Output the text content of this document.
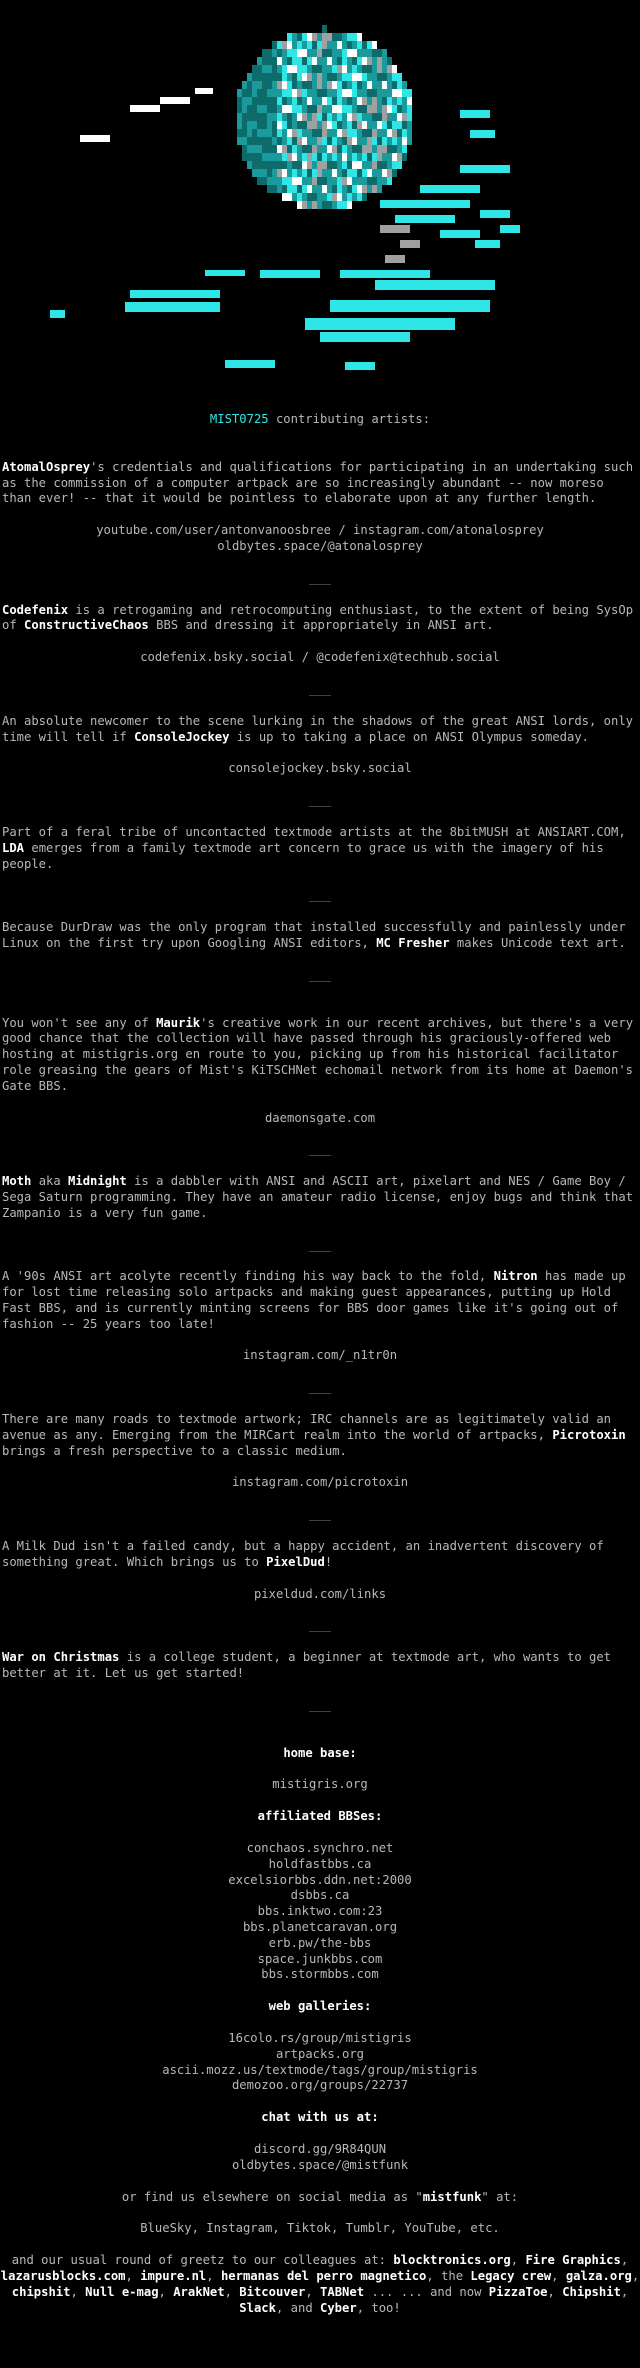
MIST0725 contributing artists:

AtomalOsprey's credentials and qualifications for participating in an undertaking such as the commission of a computer artpack are so increasingly abundant -- now moreso than ever! -- that it would be pointless to elaborate upon at any further length.

youtube.com/user/antonvanoosbree / instagram.com/atonalosprey

oldbytes.space/@atonalosprey

___

Codefenix is a retrogaming and retrocomputing enthusiast, to the extent of being SysOp of ConstructiveChaos BBS and dressing it appropriately in ANSI art.

codefenix.bsky.social / @codefenix@techhub.social

___

An absolute newcomer to the scene lurking in the shadows of the great ANSI lords, only time will tell if ConsoleJockey is up to taking a place on ANSI Olympus someday.

consolejockey.bsky.social

___

Part of a feral tribe of uncontacted textmode artists at the 8bitMUSH at ANSIART.COM, LDA emerges from a family textmode art concern to grace us with the imagery of his people.

___

Because DurDraw was the only program that installed successfully and painlessly under Linux on the first try upon Googling ANSI editors, MC Fresher makes Unicode text art.

___

You won't see any of Maurik's creative work in our recent archives, but there's a very good chance that the collection will have passed through his graciously-offered web hosting at mistigris.org en route to you, picking up from his historical facilitator role greasing the gears of Mist's KiTSCHNet echomail network from its home at Daemon's Gate BBS.

daemonsgate.com

___

Moth aka Midnight is a dabbler with ANSI and ASCII art, pixelart and NES / Game Boy / Sega Saturn programming. They have an amateur radio license, enjoy bugs and think that Zampanio is a very fun game.

___

A '90s ANSI art acolyte recently finding his way back to the fold, Nitron has made up for lost time releasing solo artpacks and making guest appearances, putting up Hold Fast BBS, and is currently minting screens for BBS door games like it's going out of fashion -- 25 years too late!

instagram.com/_n1tr0n

___

There are many roads to textmode artwork; IRC channels are as legitimately valid an avenue as any. Emerging from the MIRCart realm into the world of artpacks, Picrotoxin brings a fresh perspective to a classic medium.

instagram.com/picrotoxin

___

A Milk Dud isn't a failed candy, but a happy accident, an inadvertent discovery of something great. Which brings us to PixelDud!

pixeldud.com/links

___

War on Christmas is a college student, a beginner at textmode art, who wants to get better at it. Let us get started!

___

home base:

mistigris.org

affiliated BBSes:

conchaos.synchro.net

holdfastbbs.ca

excelsiorbbs.ddn.net:2000

dsbbs.ca

bbs.inktwo.com:23

bbs.planetcaravan.org

erb.pw/the-bbs

space.junkbbs.com

bbs.stormbbs.com

web galleries:

16colo.rs/group/mistigris

artpacks.org

ascii.mozz.us/textmode/tags/group/mistigris

demozoo.org/groups/22737

chat with us at:

discord.gg/9R84QUN

oldbytes.space/@mistfunk

or find us elsewhere on social media as "mistfunk" at:

BlueSky, Instagram, Tiktok, Tumblr, YouTube, etc.

and our usual round of greetz to our colleagues at: blocktronics.org, Fire Graphics, lazarusblocks.com, impure.nl, hermanas del perro magnetico, the Legacy crew, galza.org, chipshit, Null e-mag, ArakNet, Bitcouver, TABNet ... ... and now PizzaToe, Chipshit, Slack, and Cyber, too!
